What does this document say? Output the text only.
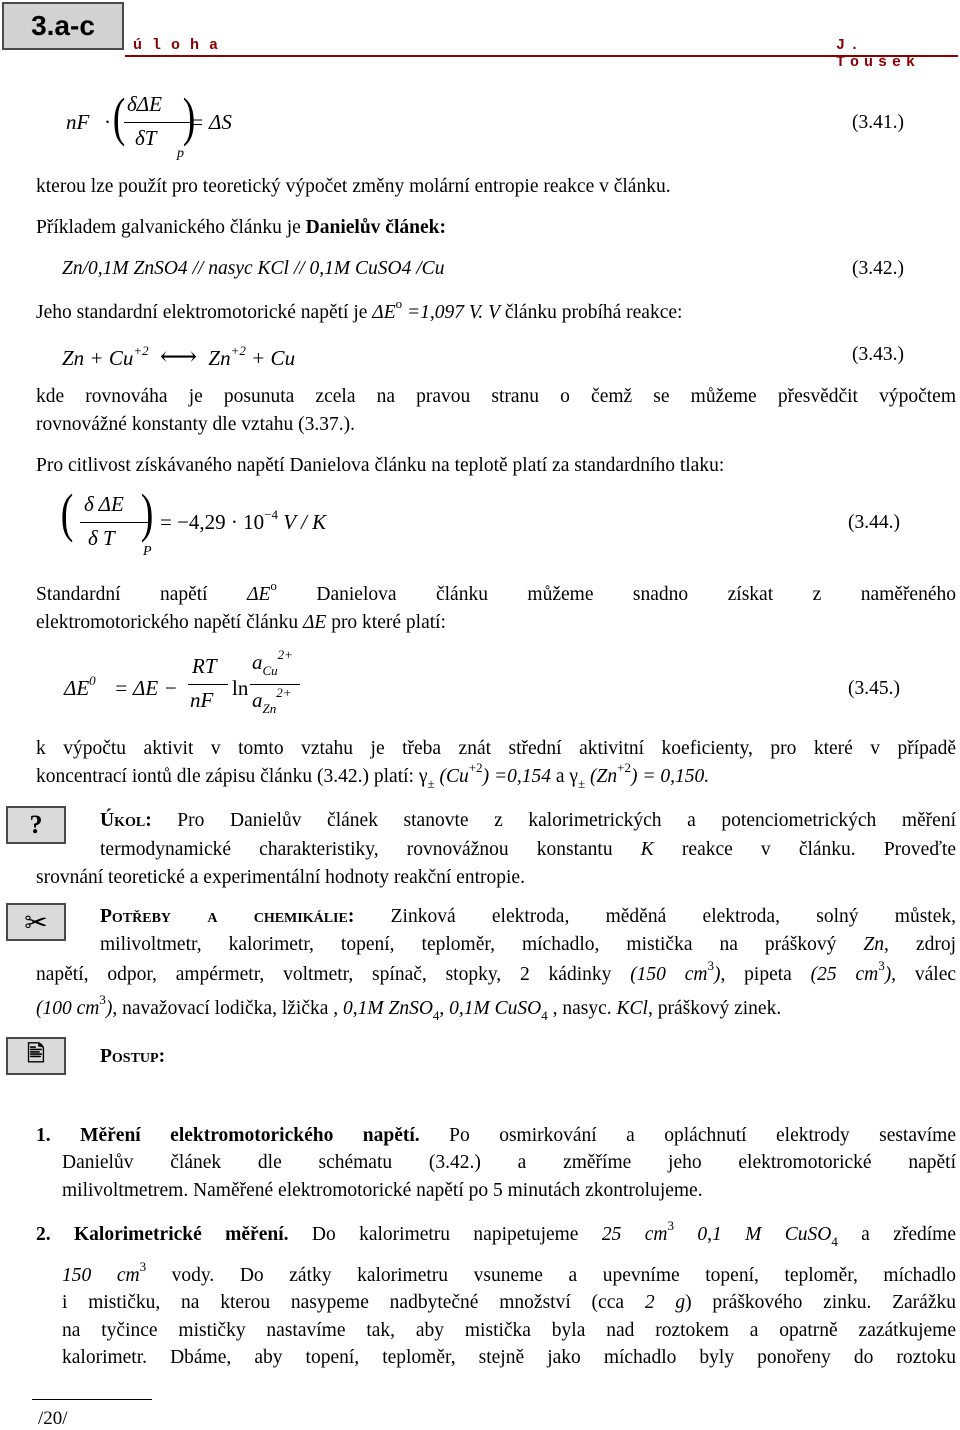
3.a-c
úloha	J. Toušek
nF · ( δΔE
δT )
p
= ΔS	(3.41.)
kterou lze použít pro teoretický výpočet změny molární entropie reakce v článku.
Příkladem galvanického článku je Danielův článek:
Zn/0,1M ZnSO4 // nasyc KCl // 0,1M CuSO4 /Cu	(3.42.)
Jeho standardní elektromotorické napětí je $\Delta E^o =1,097$ V. V článku probíhá reakce:
$Zn + Cu^{+2}$ ⟷ $Zn^{+2} + Cu$	(3.43.)
kde rovnováha je posunuta zcela na pravou stranu o čemž se můžeme přesvědčit výpočtem
rovnovážné konstanty dle vztahu (3.37.).
Pro citlivost získávaného napětí Danielova článku na teplotě platí za standardního tlaku:
( δ ΔE
δ T )
P
= $-4,29 \cdot 10^{-4}$ V / K	(3.44.)
Standardní napětí $\Delta E^o$ Danielova článku můžeme snadno získat z naměřeného
elektromotorického napětí článku ΔE pro které platí:
$\Delta E^0 = \Delta E$ −
RT
nF ln
$a_{Cu}^{2+}$
$a_{Zn}^{2+}$	(3.45.)
k výpočtu aktivit v tomto vztahu je třeba znát střední aktivitní koeficienty, pro které v případě
koncentrací iontů dle zápisu článku (3.42.) platí: $\gamma_\pm$ $(Cu^{+2}) =0,154$ a $\gamma_\pm$ $(Zn^{+2}) = 0,150$.
?	Úkol: Pro Danielův článek stanovte z kalorimetrických a potenciometrických měření
termodynamické charakteristiky, rovnovážnou konstantu K reakce v článku. Proveďte
srovnání teoretické a experimentální hodnoty reakční entropie.
✂	Potřeby a chemikálie: Zinková elektroda, měděná elektroda, solný můstek,
milivoltmetr, kalorimetr, topení, teploměr, míchadlo, mistička na práškový Zn, zdroj
napětí, odpor, ampérmetr, voltmetr, spínač, stopky, 2 kádinky (150 $cm^3$), pipeta (25 $cm^3$), válec
(100 $cm^3$), navažovací lodička, lžička , 0,1M ZnSO$_4$, 0,1M CuSO$_4$ , nasyc. KCl, práškový zinek.
🖹	Postup:
1. Měření elektromotorického napětí. Po osmirkování a opláchnutí elektrody sestavíme
Danielův článek dle schématu (3.42.) a změříme jeho elektromotorické napětí
milivoltmetrem. Naměřené elektromotorické napětí po 5 minutách zkontrolujeme.
2. Kalorimetrické měření. Do kalorimetru napipetujeme 25 $cm^3$ 0,1 M CuSO$_4$ a zředíme
150 $cm^3$ vody. Do zátky kalorimetru vsuneme a upevníme topení, teploměr, míchadlo
i mističku, na kterou nasypeme nadbytečné množství (cca 2 g) práškového zinku. Zarážku
na tyčince mističky nastavíme tak, aby mistička byla nad roztokem a opatrně zazátkujeme
kalorimetr. Dbáme, aby topení, teploměr, stejně jako míchadlo byly ponořeny do roztoku
/20/
